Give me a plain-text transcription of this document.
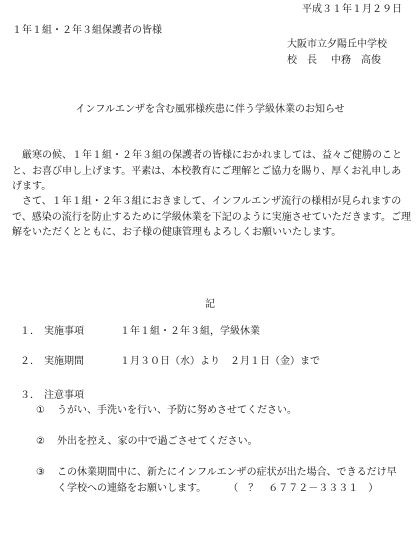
平成３１年１月２９日
１年１組・２年３組保護者の皆様
大阪市立夕陽丘中学校
校　長 中務　高俊
インフルエンザを含む風邪様疾患に伴う学級休業のお知らせ
　厳寒の候、１年１組・２年３組の保護者の皆様におかれましては、益々ご健勝のことと、お喜び申し上げます。平素は、本校教育にご理解とご協力を賜り、厚くお礼申しあげます。
　さて、１年１組・２年３組におきまして、インフルエンザ流行の様相が見られますので、感染の流行を防止するために学級休業を下記のように実施させていただきます。ご理解をいただくとともに、お子様の健康管理もよろしくお願いいたします。
記
１． 実施事項	１年１組・２年３組，学級休業
２． 実施期間	１月３０日（水）より　２月１日（金）まで
３． 注意事項
① うがい、手洗いを行い、予防に努めさせてください。
② 外出を控え、家の中で過ごさせてください。
③ この休業期間中に、新たにインフルエンザの症状が出た場合、できるだけ早
く学校への連絡をお願いします。 （　？　６７７２－３３３１　）
